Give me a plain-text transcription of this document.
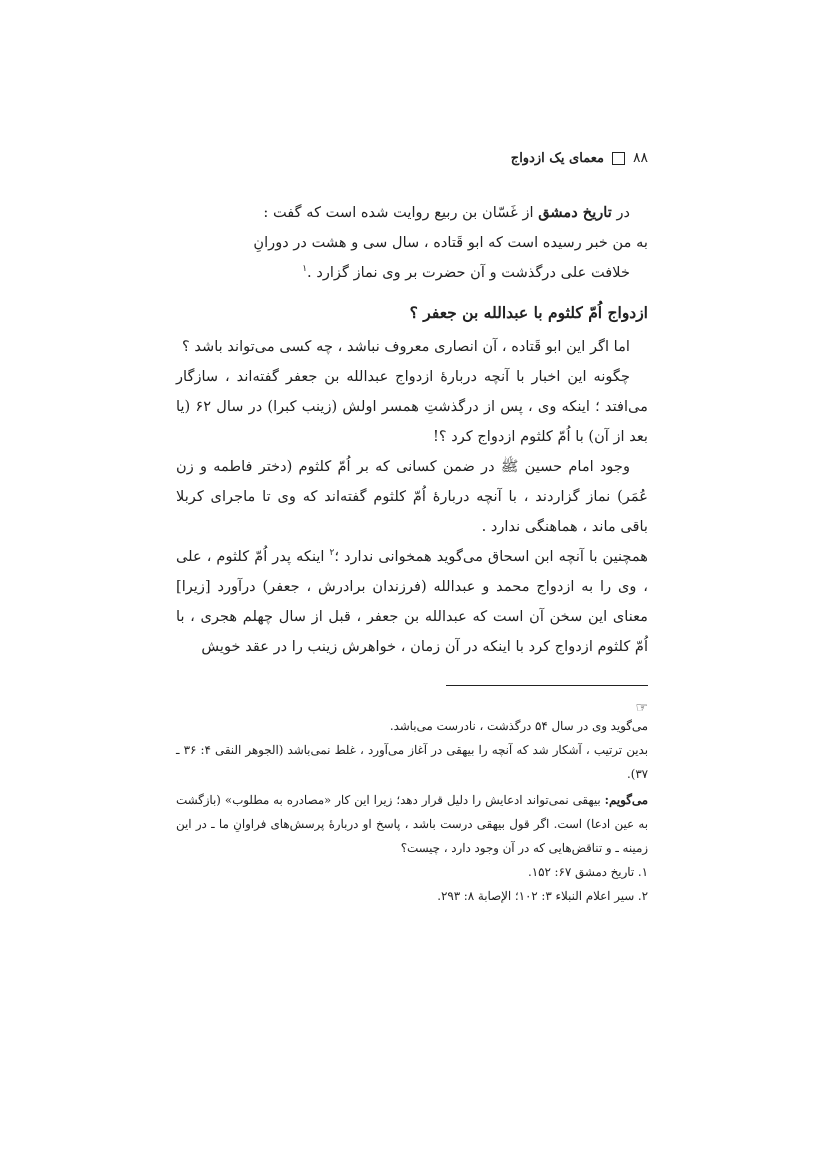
۸۸
معمای یک ازدواج

در تاریخ دمشق از غَسّان بن ربیع روایت شده است که گفت :

به من خبر رسیده است که ابو قَتاده ، سال سی و هشت در دورانِ

خلافت علی درگذشت و آن حضرت بر وی نماز گزارد .$^۱$

ازدواج اُمّ کلثوم با عبدالله بن جعفر ؟

اما اگر این ابو قَتاده ، آن انصاری معروف نباشد ، چه کسی می‌تواند باشد ؟

چگونه این اخبار با آنچه دربارهٔ ازدواج عبدالله بن جعفر گفته‌اند ، سازگار می‌افتد ؛ اینکه وی ، پس از درگذشتِ همسر اولش (زینب کبرا) در سال ۶۲ (یا بعد از آن) با اُمّ کلثوم ازدواج کرد ؟!

وجود امام حسین ﷺ در ضمن کسانی که بر اُمّ کلثوم (دختر فاطمه و زن عُمَر) نماز گزاردند ، با آنچه دربارهٔ اُمّ کلثوم گفته‌اند که وی تا ماجرای کربلا باقی ماند ، هماهنگی ندارد .

همچنین با آنچه ابن اسحاق می‌گوید همخوانی ندارد ؛$^۲$ اینکه پدر اُمّ کلثوم ، علی ، وی را به ازدواج محمد و عبدالله (فرزندان برادرش ، جعفر) درآورد [زیرا] معنای این سخن آن است که عبدالله بن جعفر ، قبل از سال چهلم هجری ، با اُمّ کلثوم ازدواج کرد با اینکه در آن زمان ، خواهرش زینب را در عقد خویش

☞

می‌گوید وی در سال ۵۴ درگذشت ، نادرست می‌باشد.

بدین ترتیب ، آشکار شد که آنچه را بیهقی در آغاز می‌آورد ، غلط نمی‌باشد (الجوهر النقی ۴: ۳۶ ـ ۳۷).

می‌گویم: بیهقی نمی‌تواند ادعایش را دلیل قرار دهد؛ زیرا این کار «مصادره به مطلوب» (بازگشت به عین ادعا) است. اگر قول بیهقی درست باشد ، پاسخ او دربارهٔ پرسش‌های فراوانِ ما ـ در این زمینه ـ و تناقض‌هایی که در آن وجود دارد ، چیست؟

۱. تاریخ دمشق ۶۷: ۱۵۲.

۲. سیر اعلام النبلاء ۳: ۱۰۲؛ الإصابة ۸: ۲۹۳.
